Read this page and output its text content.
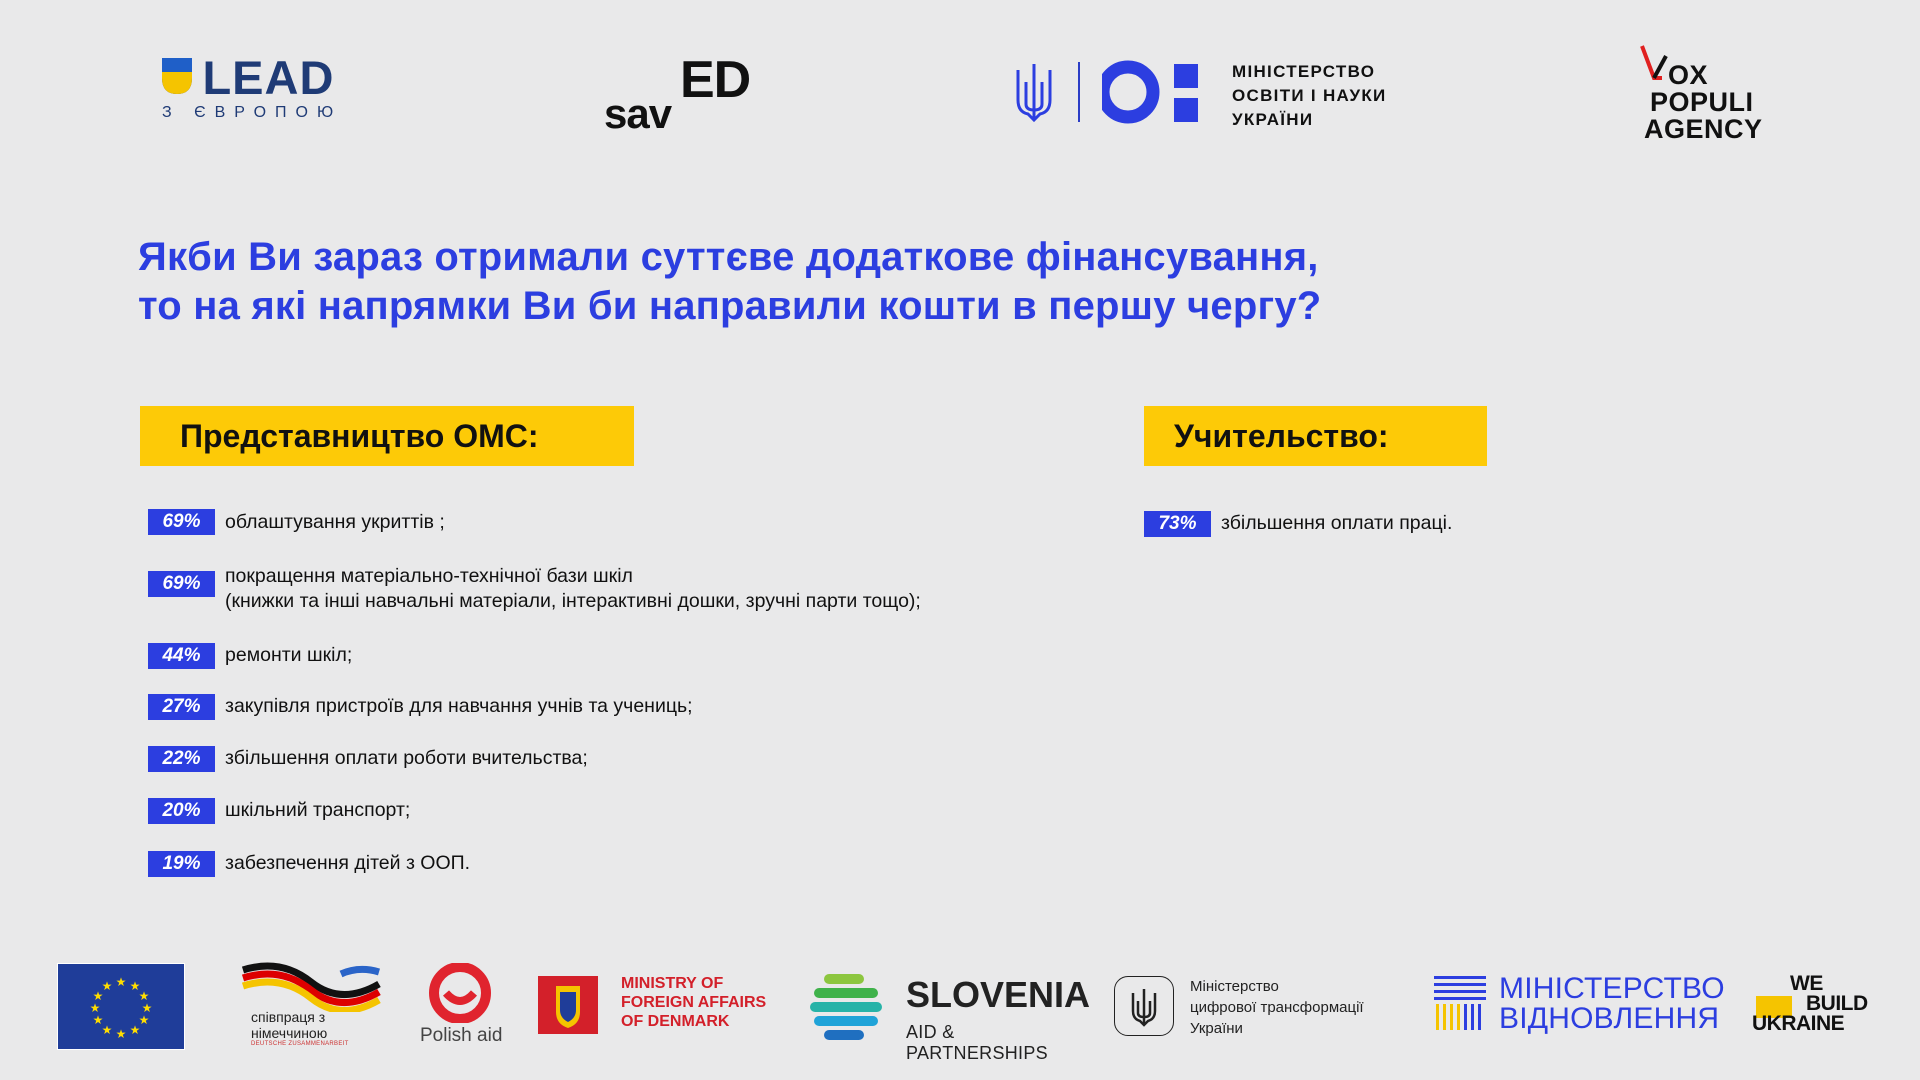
LEAD
З ЄВРОПОЮ	sav
ED	МІНІСТЕРСТВО
ОСВІТИ І НАУКИ
УКРАЇНИ
OX
POPULI
AGENCY
Якби Ви зараз отримали суттєве додаткове фінансування,
то на які напрямки Ви би направили кошти в першу чергу?
Представництво ОМС:
69%	облаштування укриттів ;
69%	покращення матеріально-технічної бази шкіл
(книжки та інші навчальні матеріали, інтерактивні дошки, зручні парти тощо);
44%	ремонти шкіл;
27%	закупівля пристроїв для навчання учнів та учениць;
22%	збільшення оплати роботи вчительства;
20%	шкільний транспорт;
19%	забезпечення дітей з ООП.
Учительство:
73%	збільшення оплати праці.
★ ★
★
★
★
★
★
★
★
★
★
★
співпраця з
німеччиною
DEUTSCHE ZUSAMMENARBEIT	Polish aid
MINISTRY OF
FOREIGN AFFAIRS
OF DENMARK
SLOVENIA
AID & PARTNERSHIPS
Міністерство
цифрової трансформації
України
МІНІСТЕРСТВО
ВІДНОВЛЕННЯ
WE
BUILD
UKRAINE
